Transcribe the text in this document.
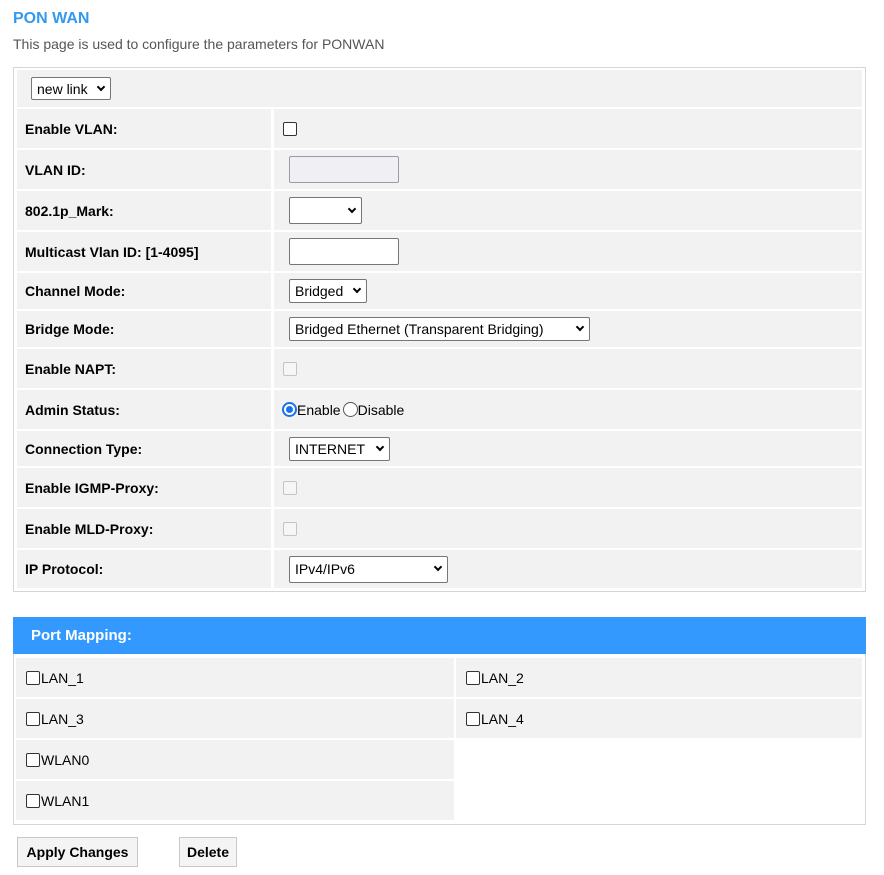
PON WAN
This page is used to configure the parameters for PONWAN
new link
Enable VLAN:
VLAN ID:
802.1p_Mark:
Multicast Vlan ID: [1-4095]
Channel Mode:	Bridged
Bridge Mode:	Bridged Ethernet (Transparent Bridging)
Enable NAPT:
Admin Status:	Enable Disable
Connection Type:	INTERNET
Enable IGMP-Proxy:
Enable MLD-Proxy:
IP Protocol:	IPv4/IPv6
Port Mapping:
LAN_1	LAN_2
LAN_3	LAN_4
WLAN0
WLAN1
Apply Changes	Delete
